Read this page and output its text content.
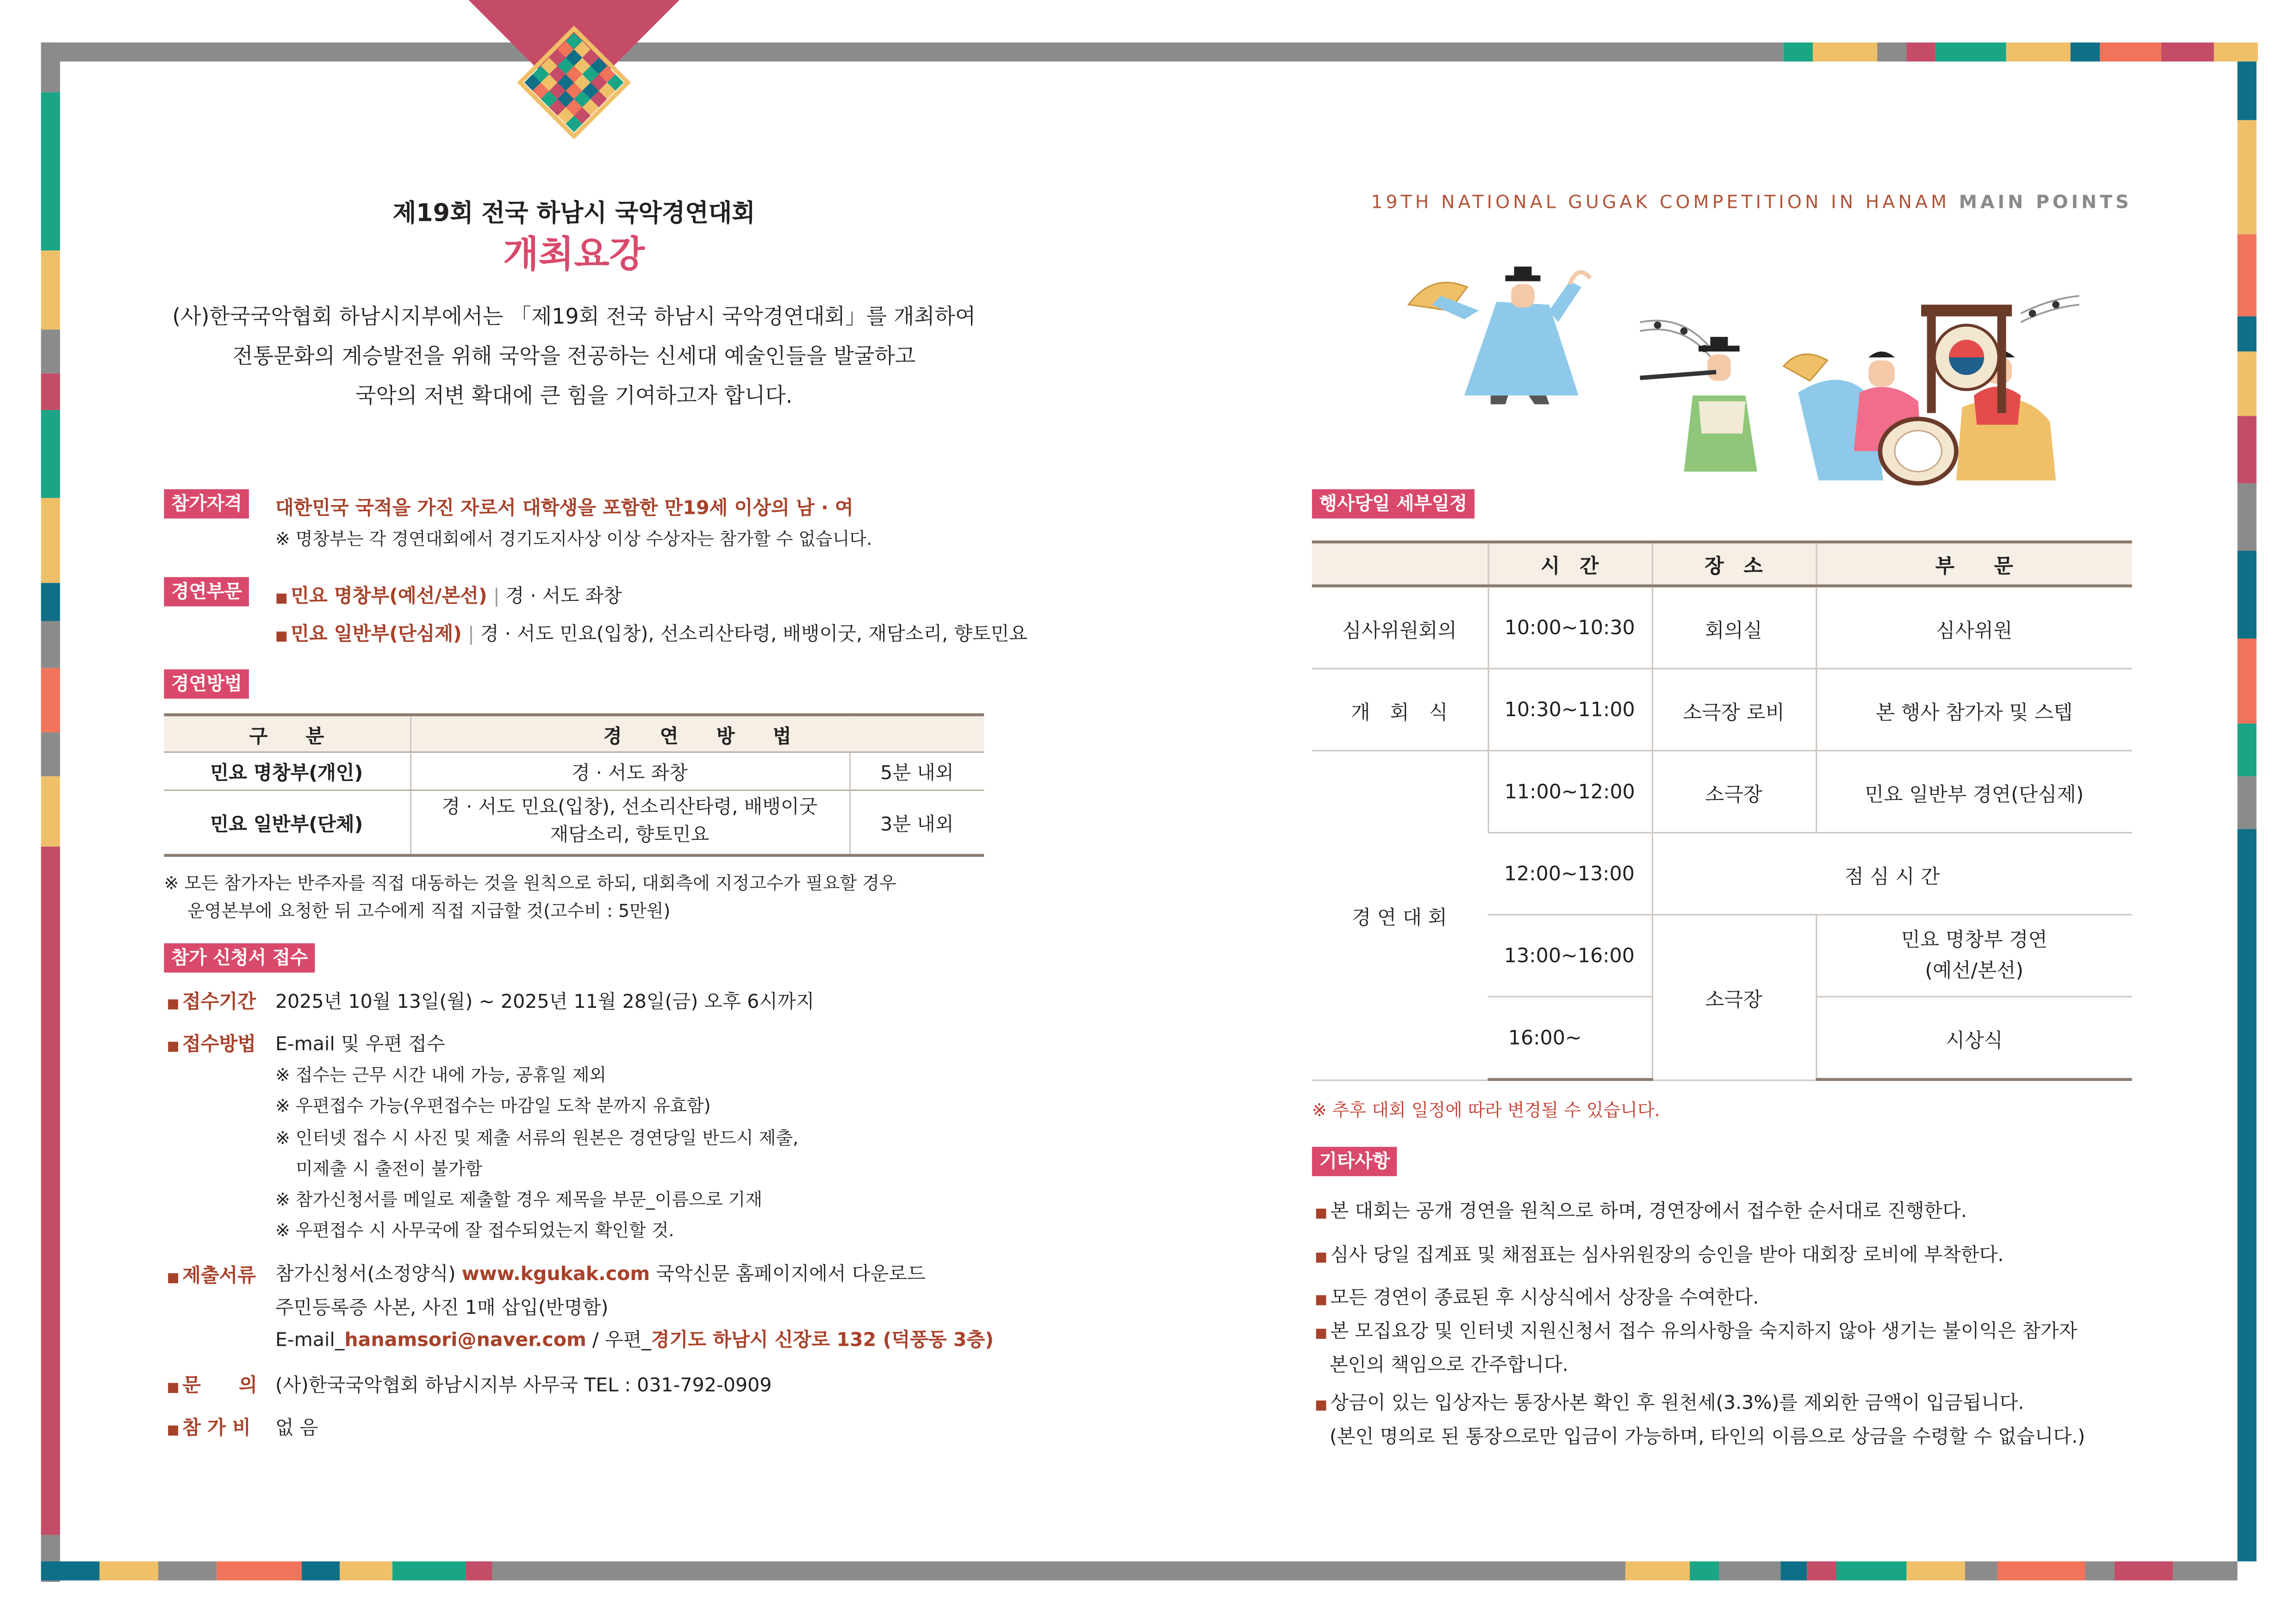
제19회 전국 하남시 국악경연대회
개최요강
(사)한국국악협회 하남시지부에서는 「제19회 전국 하남시 국악경연대회」를 개최하여
전통문화의 계승발전을 위해 국악을 전공하는 신세대 예술인들을 발굴하고
국악의 저변 확대에 큰 힘을 기여하고자 합니다.
참가자격	대한민국 국적을 가진 자로서 대학생을 포함한 만19세 이상의 남 · 여
※ 명창부는 각 경연대회에서 경기도지사상 이상 수상자는 참가할 수 없습니다.
경연부문	■ 민요 명창부(예선/본선) | 경 · 서도 좌창
■ 민요 일반부(단심제) | 경 · 서도 민요(입창), 선소리산타령, 배뱅이굿, 재담소리, 향토민요
경연방법
구　　분	경　　연　　방　　법	
민요 명창부(개인)	경 · 서도 좌창	5분 내외
민요 일반부(단체)	경 · 서도 민요(입창), 선소리산타령, 배뱅이굿
재담소리, 향토민요	3분 내외
※ 모든 참가자는 반주자를 직접 대동하는 것을 원칙으로 하되, 대회측에 지정고수가 필요할 경우
운영본부에 요청한 뒤 고수에게 직접 지급할 것(고수비 : 5만원)
참가 신청서 접수
■ 접수기간	2025년 10월 13일(월) ~ 2025년 11월 28일(금) 오후 6시까지
■ 접수방법	E-mail 및 우편 접수
※ 접수는 근무 시간 내에 가능, 공휴일 제외
※ 우편접수 가능(우편접수는 마감일 도착 분까지 유효함)
※ 인터넷 접수 시 사진 및 제출 서류의 원본은 경연당일 반드시 제출,
미제출 시 출전이 불가함
※ 참가신청서를 메일로 제출할 경우 제목을 부문_이름으로 기재
※ 우편접수 시 사무국에 잘 접수되었는지 확인할 것.
■ 제출서류	참가신청서(소정양식) www.kgukak.com 국악신문 홈페이지에서 다운로드
주민등록증 사본, 사진 1매 삽입(반명함)
E-mail_hanamsori@naver.com / 우편_경기도 하남시 신장로 132 (덕풍동 3층)
■ 문　　의	(사)한국국악협회 하남시지부 사무국 TEL : 031-792-0909
■ 참 가 비	없 음
19TH NATIONAL GUGAK COMPETITION IN HANAM MAIN POINTS
행사당일 세부일정
	시　간	장　소	부　　문
심사위원회의	10:00~10:30	회의실	심사위원
개　회　식	10:30~11:00	소극장 로비	본 행사 참가자 및 스텝
경 연 대 회	11:00~12:00	소극장	민요 일반부 경연(단심제)
	12:00~13:00	점 심 시 간	
	13:00~16:00	소극장	민요 명창부 경연
(예선/본선)

	16:00~		시상식
※ 추후 대회 일정에 따라 변경될 수 있습니다.
기타사항
■ 본 대회는 공개 경연을 원칙으로 하며, 경연장에서 접수한 순서대로 진행한다.
■ 심사 당일 집계표 및 채점표는 심사위원장의 승인을 받아 대회장 로비에 부착한다.
■ 모든 경연이 종료된 후 시상식에서 상장을 수여한다.
■ 본 모집요강 및 인터넷 지원신청서 접수 유의사항을 숙지하지 않아 생기는 불이익은 참가자
본인의 책임으로 간주합니다.
■ 상금이 있는 입상자는 통장사본 확인 후 원천세(3.3%)를 제외한 금액이 입금됩니다.
(본인 명의로 된 통장으로만 입금이 가능하며, 타인의 이름으로 상금을 수령할 수 없습니다.)
